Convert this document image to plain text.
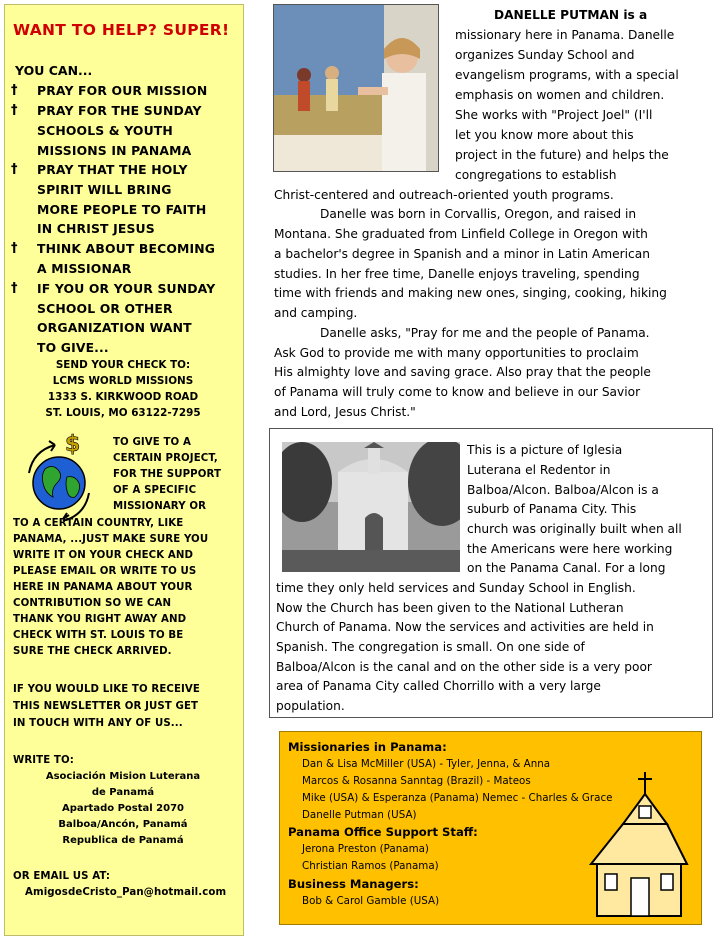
WANT TO HELP? SUPER!
YOU CAN...
† PRAY FOR OUR MISSION
† PRAY FOR THE SUNDAY
SCHOOLS & YOUTH
MISSIONS IN PANAMA
† PRAY THAT THE HOLY
SPIRIT WILL BRING
MORE PEOPLE TO FAITH
IN CHRIST JESUS
† THINK ABOUT BECOMING
A MISSIONAR
† IF YOU OR YOUR SUNDAY
SCHOOL OR OTHER
ORGANIZATION WANT
TO GIVE...
SEND YOUR CHECK TO:
LCMS WORLD MISSIONS
1333 S. KIRKWOOD ROAD
ST. LOUIS, MO 63122-7295
$	TO GIVE TO A
CERTAIN PROJECT,
FOR THE SUPPORT
OF A SPECIFIC
MISSIONARY OR
TO A CERTAIN COUNTRY, LIKE
PANAMA, ...JUST MAKE SURE YOU
WRITE IT ON YOUR CHECK AND
PLEASE EMAIL OR WRITE TO US
HERE IN PANAMA ABOUT YOUR
CONTRIBUTION SO WE CAN
THANK YOU RIGHT AWAY AND
CHECK WITH ST. LOUIS TO BE
SURE THE CHECK ARRIVED.
IF YOU WOULD LIKE TO RECEIVE
THIS NEWSLETTER OR JUST GET
IN TOUCH WITH ANY OF US...
WRITE TO:
Asociación Mision Luterana
de Panamá
Apartado Postal 2070
Balboa/Ancón, Panamá
Republica de Panamá
OR EMAIL US AT:
AmigosdeCristo_Pan@hotmail.com
DANELLE PUTMAN is a
missionary here in Panama. Danelle
organizes Sunday School and
evangelism programs, with a special
emphasis on women and children.
She works with "Project Joel" (I'll
let you know more about this
project in the future) and helps the
congregations to establish
Christ-centered and outreach-oriented youth programs.
Danelle was born in Corvallis, Oregon, and raised in
Montana. She graduated from Linfield College in Oregon with
a bachelor's degree in Spanish and a minor in Latin American
studies. In her free time, Danelle enjoys traveling, spending
time with friends and making new ones, singing, cooking, hiking
and camping.
Danelle asks, "Pray for me and the people of Panama.
Ask God to provide me with many opportunities to proclaim
His almighty love and saving grace. Also pray that the people
of Panama will truly come to know and believe in our Savior
and Lord, Jesus Christ."
This is a picture of Iglesia
Luterana el Redentor in
Balboa/Alcon. Balboa/Alcon is a
suburb of Panama City. This
church was originally built when all
the Americans were here working
on the Panama Canal. For a long
time they only held services and Sunday School in English.
Now the Church has been given to the National Lutheran
Church of Panama. Now the services and activities are held in
Spanish. The congregation is small. On one side of
Balboa/Alcon is the canal and on the other side is a very poor
area of Panama City called Chorrillo with a very large
population.
Missionaries in Panama:
Dan & Lisa McMiller (USA) - Tyler, Jenna, & Anna
Marcos & Rosanna Sanntag (Brazil) - Mateos
Mike (USA) & Esperanza (Panama) Nemec - Charles & Grace
Danelle Putman (USA)
Panama Office Support Staff:
Jerona Preston (Panama)
Christian Ramos (Panama)
Business Managers:
Bob & Carol Gamble (USA)
